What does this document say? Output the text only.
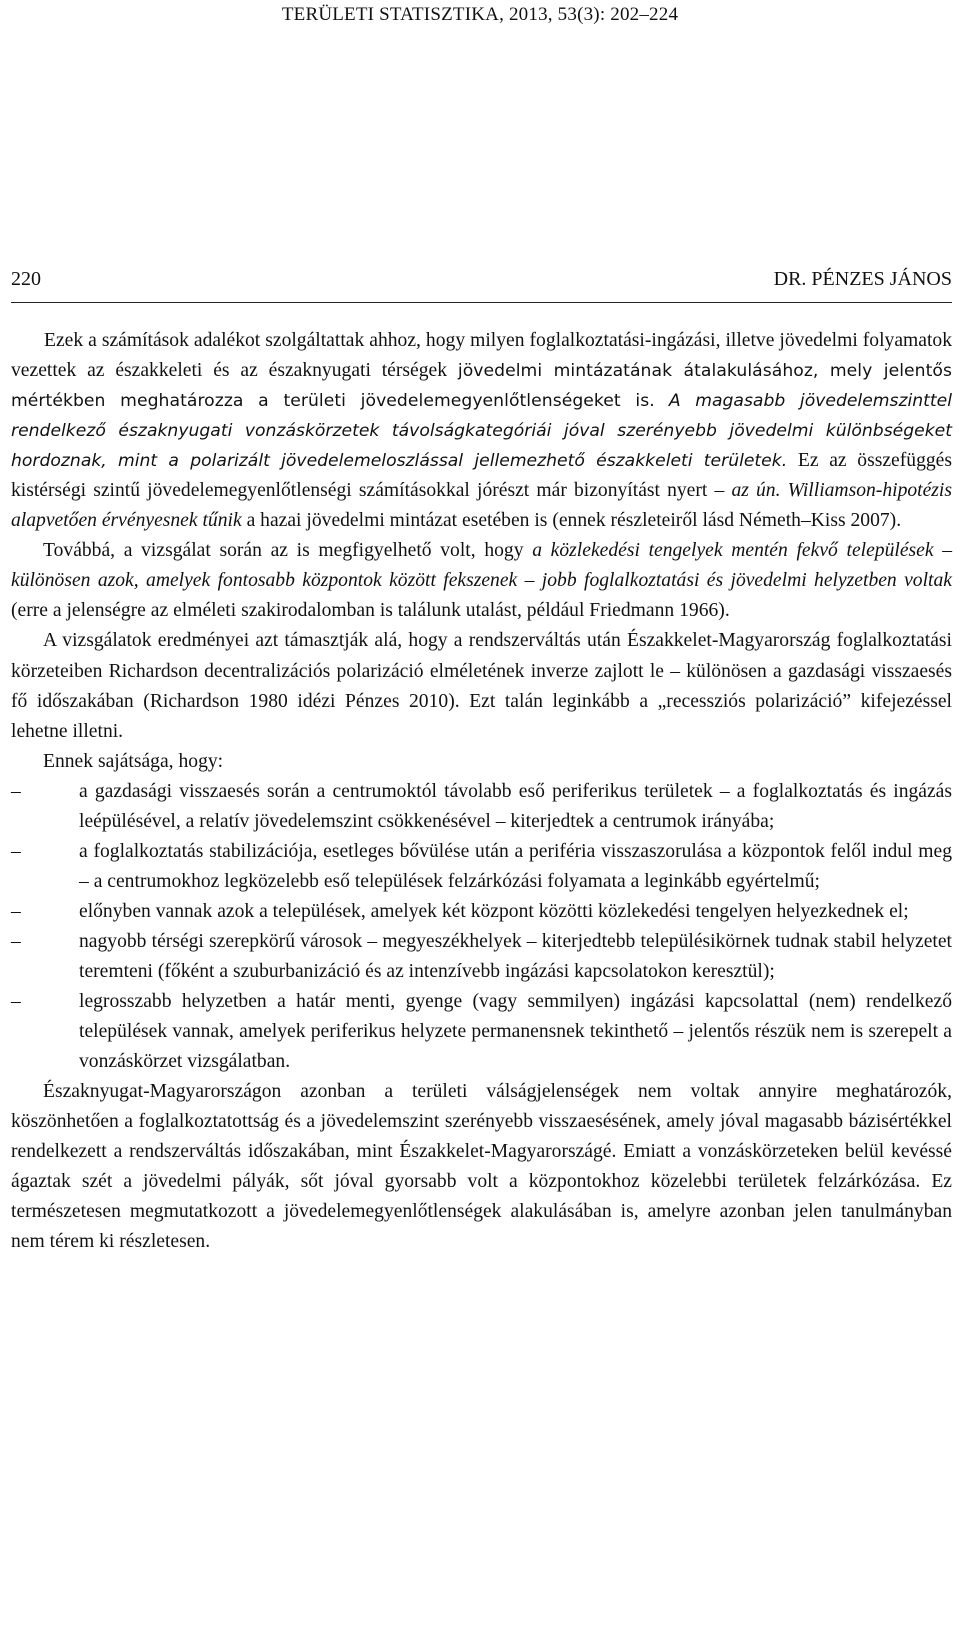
TERÜLETI STATISZTIKA, 2013, 53(3): 202–224
220	DR. PÉNZES JÁNOS

Ezek a számítások adalékot szolgáltattak ahhoz, hogy milyen foglalkoztatási-ingázási, illetve jövedelmi folyamatok vezettek az északkeleti és az északnyugati térségek jövedelmi mintázatának átalakulásához, mely jelentős mértékben meghatározza a területi jövedelemegyenlőtlenségeket is. A magasabb jövedelemszinttel rendelkező északnyugati vonzáskörzetek távolságkategóriái jóval szerényebb jövedelmi különbségeket hordoznak, mint a polarizált jövedelemeloszlással jellemezhető északkeleti területek. Ez az összefüggés kistérségi szintű jövedelemegyenlőtlenségi számításokkal jórészt már bizonyítást nyert – az ún. Williamson-hipotézis alapvetően érvényesnek tűnik a hazai jövedelmi mintázat esetében is (ennek részleteiről lásd Németh–Kiss 2007).

Továbbá, a vizsgálat során az is megfigyelhető volt, hogy a közlekedési tengelyek mentén fekvő települések – különösen azok, amelyek fontosabb központok között fekszenek – jobb foglalkoztatási és jövedelmi helyzetben voltak (erre a jelenségre az elméleti szakirodalomban is találunk utalást, például Friedmann 1966).

A vizsgálatok eredményei azt támasztják alá, hogy a rendszerváltás után Északkelet-Magyarország foglalkoztatási körzeteiben Richardson decentralizációs polarizáció elméletének inverze zajlott le – különösen a gazdasági visszaesés fő időszakában (Richardson 1980 idézi Pénzes 2010). Ezt talán leginkább a „recessziós polarizáció” kifejezéssel lehetne illetni.

Ennek sajátsága, hogy:

–	a gazdasági visszaesés során a centrumoktól távolabb eső periferikus területek – a foglalkoztatás és ingázás leépülésével, a relatív jövedelemszint csökkenésével – kiterjedtek a centrumok irányába;
–	a foglalkoztatás stabilizációja, esetleges bővülése után a periféria visszaszorulása a központok felől indul meg – a centrumokhoz legközelebb eső települések felzárkózási folyamata a leginkább egyértelmű;
–	előnyben vannak azok a települések, amelyek két központ közötti közlekedési tengelyen helyezkednek el;
–	nagyobb térségi szerepkörű városok – megyeszékhelyek – kiterjedtebb településikörnek tudnak stabil helyzetet teremteni (főként a szuburbanizáció és az intenzívebb ingázási kapcsolatokon keresztül);
–	legrosszabb helyzetben a határ menti, gyenge (vagy semmilyen) ingázási kapcsolattal (nem) rendelkező települések vannak, amelyek periferikus helyzete permanensnek tekinthető – jelentős részük nem is szerepelt a vonzáskörzet vizsgálatban.

Északnyugat-Magyarországon azonban a területi válságjelenségek nem voltak annyire meghatározók, köszönhetően a foglalkoztatottság és a jövedelemszint szerényebb visszaesésének, amely jóval magasabb bázisértékkel rendelkezett a rendszerváltás időszakában, mint Északkelet-Magyarországé. Emiatt a vonzáskörzeteken belül kevéssé ágaztak szét a jövedelmi pályák, sőt jóval gyorsabb volt a központokhoz közelebbi területek felzárkózása. Ez természetesen megmutatkozott a jövedelemegyenlőtlenségek alakulásában is, amelyre azonban jelen tanulmányban nem térem ki részletesen.
